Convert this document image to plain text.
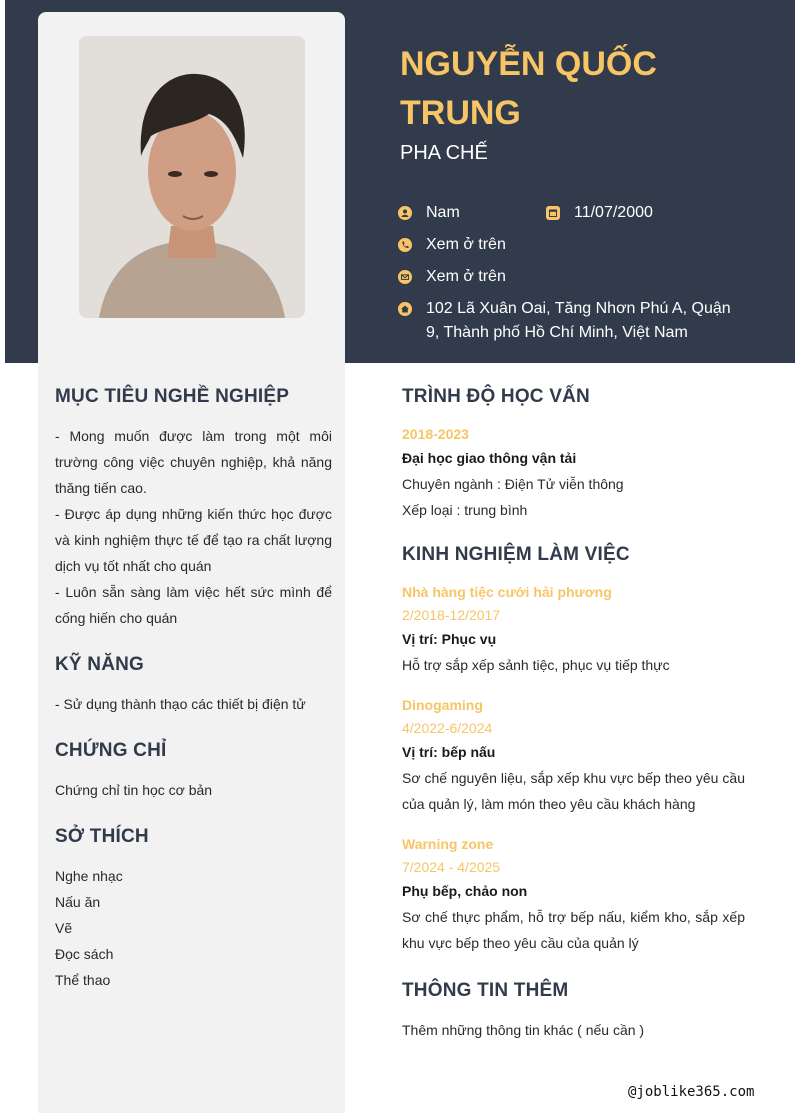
NGUYỄN QUỐC TRUNG
PHA CHẾ
Nam	11/07/2000
Xem ở trên
Xem ở trên
102 Lã Xuân Oai, Tăng Nhơn Phú A, Quận 9, Thành phố Hồ Chí Minh, Việt Nam
MỤC TIÊU NGHỀ NGHIỆP
- Mong muốn được làm trong một môi trường công việc chuyên nghiệp, khả năng thăng tiến cao.
- Được áp dụng những kiến thức học được và kinh nghiệm thực tế để tạo ra chất lượng dịch vụ tốt nhất cho quán
- Luôn sẵn sàng làm việc hết sức mình để cống hiến cho quán
KỸ NĂNG
- Sử dụng thành thạo các thiết bị điện tử
CHỨNG CHỈ
Chứng chỉ tin học cơ bản
SỞ THÍCH
Nghe nhạc
Nấu ăn
Vẽ
Đọc sách
Thể thao
TRÌNH ĐỘ HỌC VẤN
2018-2023
Đại học giao thông vận tải
Chuyên ngành : Điện Tử viễn thông
Xếp loại : trung bình
KINH NGHIỆM LÀM VIỆC
Nhà hàng tiệc cưới hải phương
2/2018-12/2017
Vị trí: Phục vụ
Hỗ trợ sắp xếp sảnh tiệc, phục vụ tiếp thực
Dinogaming
4/2022-6/2024
Vị trí: bếp nấu
Sơ chế nguyên liệu, sắp xếp khu vực bếp theo yêu cầu của quản lý, làm món theo yêu cầu khách hàng
Warning zone
7/2024 - 4/2025
Phụ bếp, chảo non
Sơ chế thực phẩm, hỗ trợ bếp nấu, kiểm kho, sắp xếp khu vực bếp theo yêu cầu của quản lý
THÔNG TIN THÊM
Thêm những thông tin khác ( nếu cần )
@joblike365.com
